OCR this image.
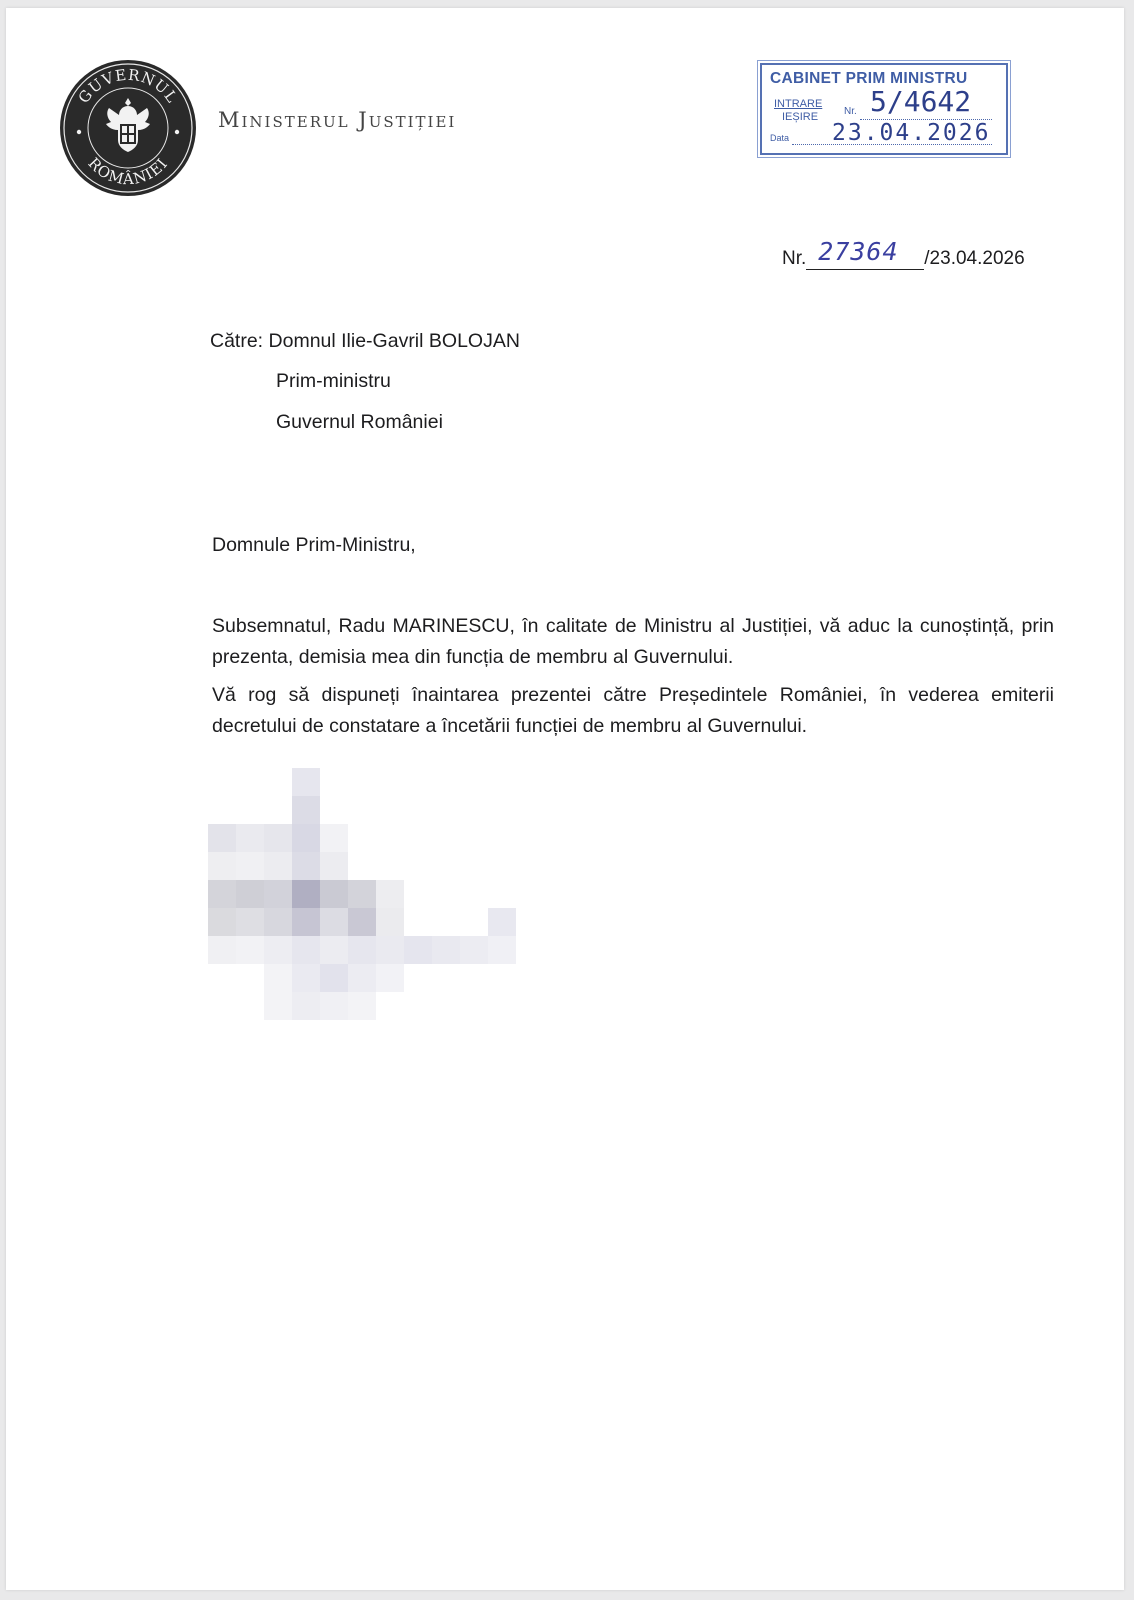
GUVERNUL
ROMÂNIEI
Ministerul Justiției
CABINET PRIM MINISTRU
INTRARE
IEȘIRE	Nr.
Data
5/4642
23.04.2026
Nr. 27364 /23.04.2026
Către: Domnul Ilie-Gavril BOLOJAN
Prim-ministru
Guvernul României
Domnule Prim-Ministru,
Subsemnatul, Radu MARINESCU, în calitate de Ministru al Justiției, vă aduc la cunoștință, prin prezenta, demisia mea din funcția de membru al Guvernului.
Vă rog să dispuneți înaintarea prezentei către Președintele României, în vederea emiterii decretului de constatare a încetării funcției de membru al Guvernului.
